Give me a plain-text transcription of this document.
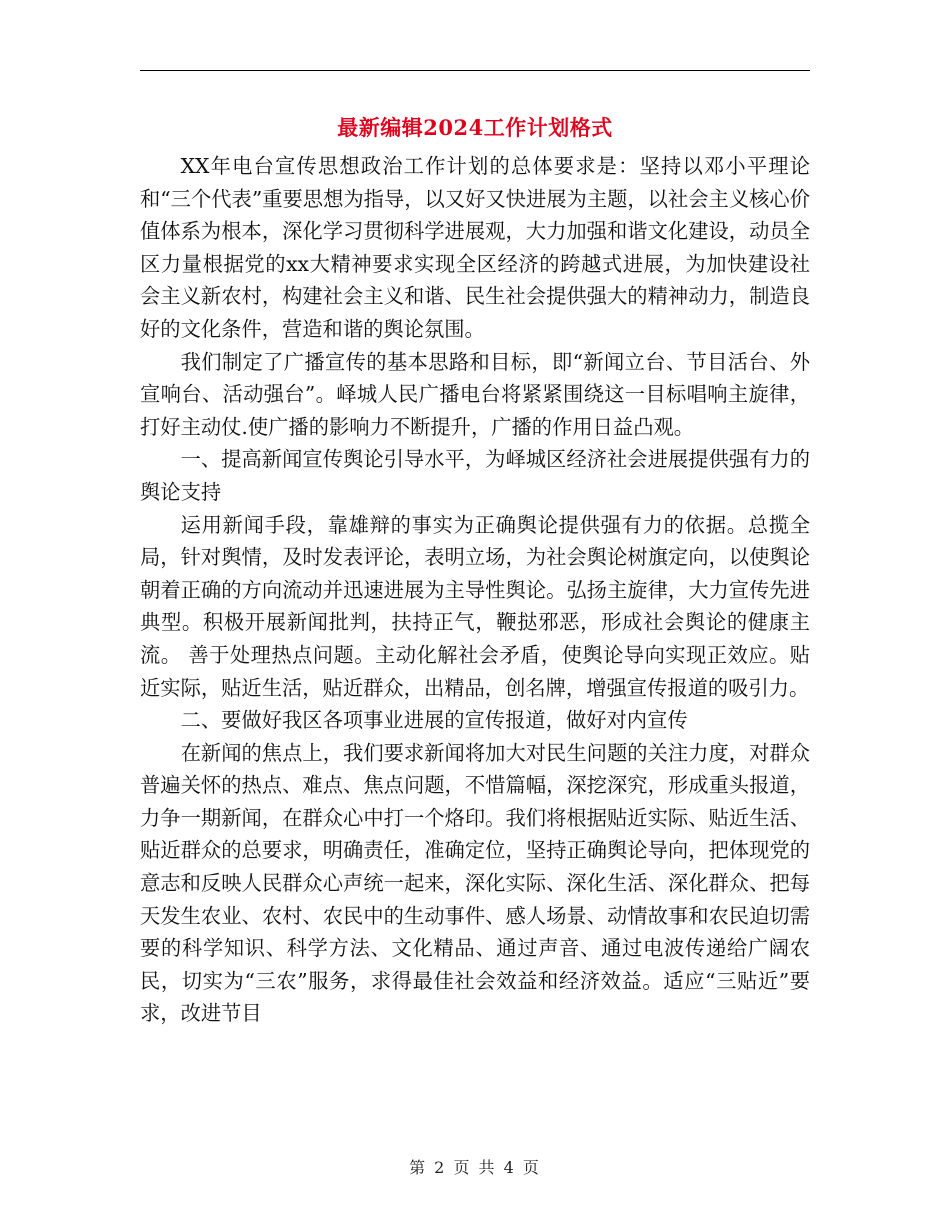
最新编辑2024工作计划格式

XX年电台宣传思想政治工作计划的总体要求是：坚持以邓小平理论和“三个代表”重要思想为指导，以又好又快进展为主题，以社会主义核心价值体系为根本，深化学习贯彻科学进展观，大力加强和谐文化建设，动员全区力量根据党的xx大精神要求实现全区经济的跨越式进展，为加快建设社会主义新农村，构建社会主义和谐、民生社会提供强大的精神动力，制造良好的文化条件，营造和谐的舆论氛围。

我们制定了广播宣传的基本思路和目标，即“新闻立台、节目活台、外宣响台、活动强台”。峄城人民广播电台将紧紧围绕这一目标唱响主旋律，打好主动仗.使广播的影响力不断提升，广播的作用日益凸观。

一、提高新闻宣传舆论引导水平，为峄城区经济社会进展提供强有力的舆论支持

运用新闻手段，靠雄辩的事实为正确舆论提供强有力的依据。总揽全局，针对舆情，及时发表评论，表明立场，为社会舆论树旗定向，以使舆论朝着正确的方向流动并迅速进展为主导性舆论。弘扬主旋律，大力宣传先进典型。积极开展新闻批判，扶持正气，鞭挞邪恶，形成社会舆论的健康主流。 善于处理热点问题。主动化解社会矛盾，使舆论导向实现正效应。贴近实际，贴近生活，贴近群众，出精品，创名牌，增强宣传报道的吸引力。

二、要做好我区各项事业进展的宣传报道，做好对内宣传

在新闻的焦点上，我们要求新闻将加大对民生问题的关注力度，对群众普遍关怀的热点、难点、焦点问题，不惜篇幅，深挖深究，形成重头报道，力争一期新闻，在群众心中打一个烙印。我们将根据贴近实际、贴近生活、贴近群众的总要求，明确责任，准确定位，坚持正确舆论导向，把体现党的意志和反映人民群众心声统一起来，深化实际、深化生活、深化群众、把每天发生农业、农村、农民中的生动事件、感人场景、动情故事和农民迫切需要的科学知识、科学方法、文化精品、通过声音、通过电波传递给广阔农民，切实为“三农”服务，求得最佳社会效益和经济效益。适应“三贴近”要求，改进节目

第 2 页 共 4 页
